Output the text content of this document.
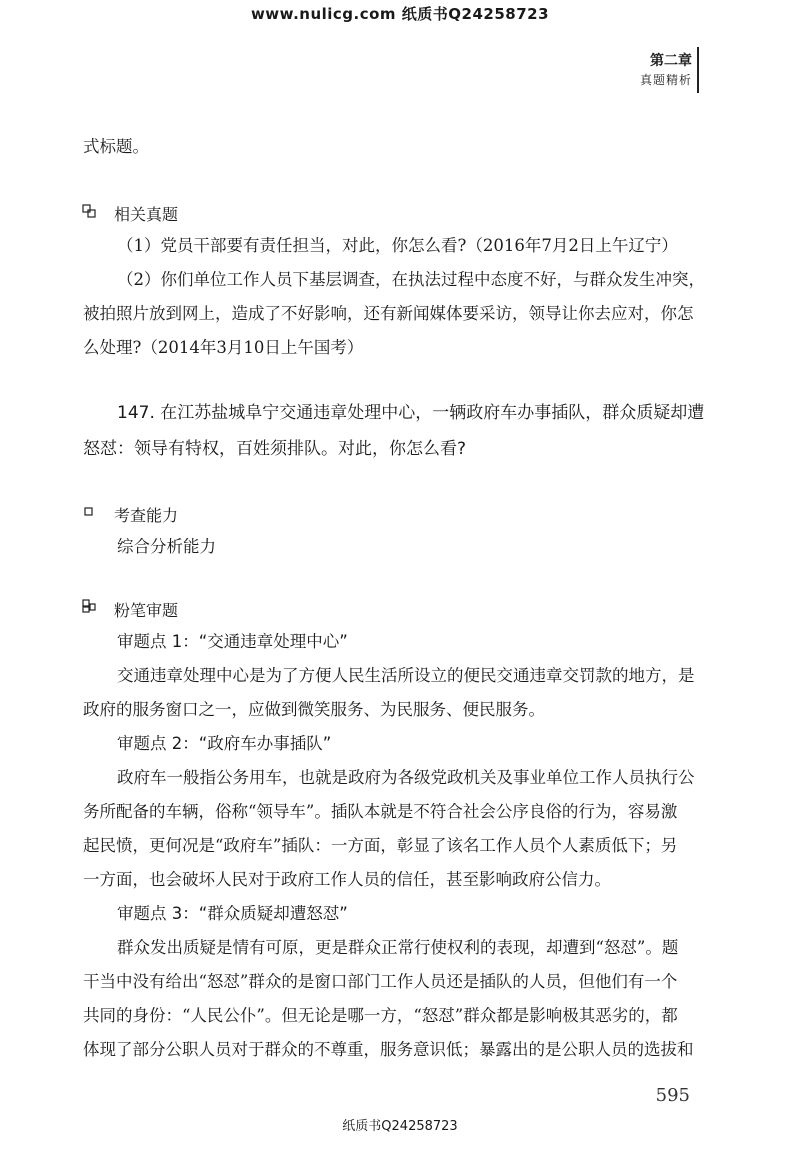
www.nulicg.com 纸质书Q24258723
第二章
真题精析
式标题。
相关真题
（1）党员干部要有责任担当，对此，你怎么看?（2016年7月2日上午辽宁）
（2）你们单位工作人员下基层调查，在执法过程中态度不好，与群众发生冲突，
被拍照片放到网上，造成了不好影响，还有新闻媒体要采访，领导让你去应对，你怎
么处理?（2014年3月10日上午国考）
147. 在江苏盐城阜宁交通违章处理中心，一辆政府车办事插队，群众质疑却遭
怒怼：领导有特权，百姓须排队。对此，你怎么看?
考查能力
综合分析能力
粉笔审题
审题点 1：“交通违章处理中心”
交通违章处理中心是为了方便人民生活所设立的便民交通违章交罚款的地方，是
政府的服务窗口之一，应做到微笑服务、为民服务、便民服务。
审题点 2：“政府车办事插队”
政府车一般指公务用车，也就是政府为各级党政机关及事业单位工作人员执行公
务所配备的车辆，俗称“领导车”。插队本就是不符合社会公序良俗的行为，容易激
起民愤，更何况是“政府车”插队：一方面，彰显了该名工作人员个人素质低下；另
一方面，也会破坏人民对于政府工作人员的信任，甚至影响政府公信力。
审题点 3：“群众质疑却遭怒怼”
群众发出质疑是情有可原，更是群众正常行使权利的表现，却遭到“怒怼”。题
干当中没有给出“怒怼”群众的是窗口部门工作人员还是插队的人员，但他们有一个
共同的身份：“人民公仆”。但无论是哪一方，“怒怼”群众都是影响极其恶劣的，都
体现了部分公职人员对于群众的不尊重，服务意识低；暴露出的是公职人员的选拔和
595
纸质书Q24258723
